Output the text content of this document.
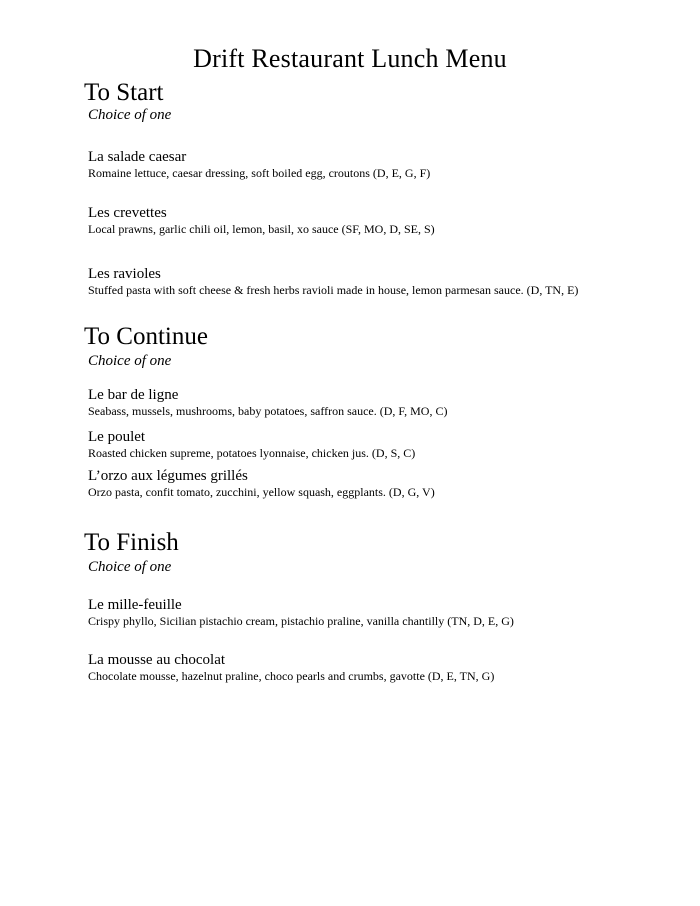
Drift Restaurant Lunch Menu
To Start

Choice of one

La salade caesar

Romaine lettuce, caesar dressing, soft boiled egg, croutons (D, E, G, F)

Les crevettes

Local prawns, garlic chili oil, lemon, basil, xo sauce (SF, MO, D, SE, S)

Les ravioles

Stuffed pasta with soft cheese & fresh herbs ravioli made in house, lemon parmesan sauce. (D, TN, E)

To Continue

Choice of one

Le bar de ligne

Seabass, mussels, mushrooms, baby potatoes, saffron sauce. (D, F, MO, C)

Le poulet

Roasted chicken supreme, potatoes lyonnaise, chicken jus. (D, S, C)

L’orzo aux légumes grillés

Orzo pasta, confit tomato, zucchini, yellow squash, eggplants. (D, G, V)

To Finish

Choice of one

Le mille-feuille

Crispy phyllo, Sicilian pistachio cream, pistachio praline, vanilla chantilly (TN, D, E, G)

La mousse au chocolat

Chocolate mousse, hazelnut praline, choco pearls and crumbs, gavotte (D, E, TN, G)
